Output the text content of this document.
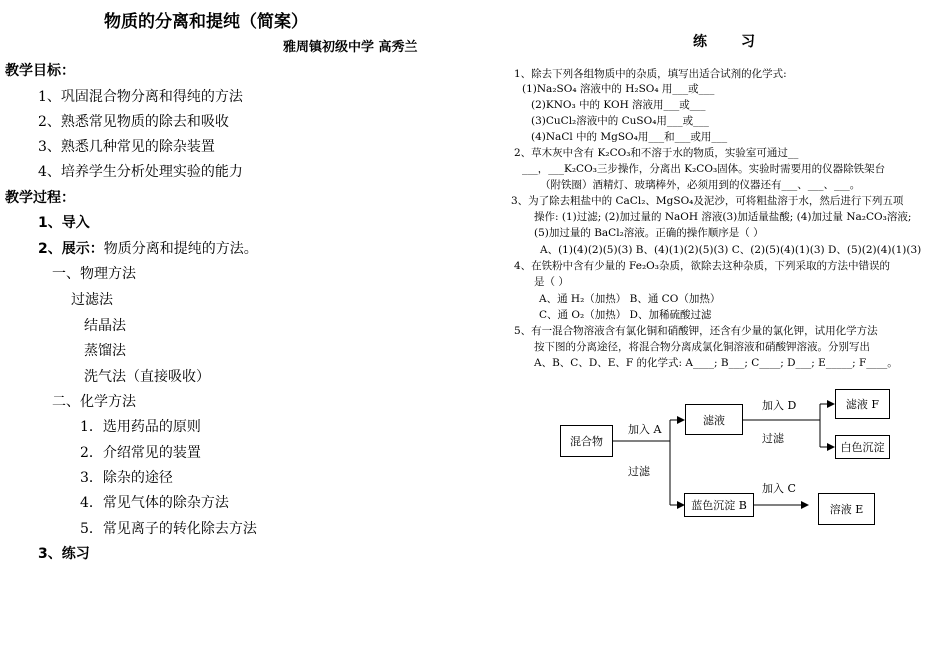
物质的分离和提纯（简案）
雅周镇初级中学 高秀兰
教学目标：
1、巩固混合物分离和得纯的方法
2、熟悉常见物质的除去和吸收
3、熟悉几种常见的除杂装置
4、培养学生分析处理实验的能力
教学过程：
1、导入
2、展示：物质分离和提纯的方法。
一、物理方法
过滤法
结晶法
蒸馏法
洗气法（直接吸收）
二、化学方法
1．选用药品的原则
2．介绍常见的装置
3．除杂的途径
4．常见气体的除杂方法
5．常见离子的转化除去方法
3、练习
练习
1、除去下列各组物质中的杂质，填写出适合试剂的化学式:
(1)Na₂SO₄ 溶液中的 H₂SO₄ 用___或___
(2)KNO₃ 中的 KOH 溶液用___或___
(3)CuCl₂溶液中的 CuSO₄用___或___
(4)NaCl 中的 MgSO₄用___和___或用___
2、草木灰中含有 K₂CO₃和不溶于水的物质，实验室可通过__
___，___K₂CO₃三步操作，分离出 K₂CO₃固体。实验时需要用的仪器除铁架台
（附铁圈）酒精灯、玻璃棒外，必须用到的仪器还有___、___、___。
3、为了除去粗盐中的 CaCl₂、MgSO₄及泥沙，可将粗盐溶于水，然后进行下列五项
操作: (1)过滤; (2)加过量的 NaOH 溶液(3)加适量盐酸; (4)加过量 Na₂CO₃溶液;
(5)加过量的 BaCl₂溶液。正确的操作顺序是（ ）
A、(1)(4)(2)(5)(3) B、(4)(1)(2)(5)(3) C、(2)(5)(4)(1)(3) D、(5)(2)(4)(1)(3)
4、在铁粉中含有少量的 Fe₂O₃杂质，欲除去这种杂质，下列采取的方法中错误的
是（ ）
A、通 H₂（加热） B、通 CO（加热）
C、通 O₂（加热） D、加稀硫酸过滤
5、有一混合物溶液含有氯化铜和硝酸钾，还含有少量的氯化钾，试用化学方法
按下图的分离途径，将混合物分离成氯化铜溶液和硝酸钾溶液。分别写出
A、B、C、D、E、F 的化学式: A____; B___; C____; D___; E_____; F____。
混合物
滤液
蓝色沉淀 B
滤液 F
白色沉淀
溶液 E
加入 A
过滤
加入 D
过滤
加入 C
